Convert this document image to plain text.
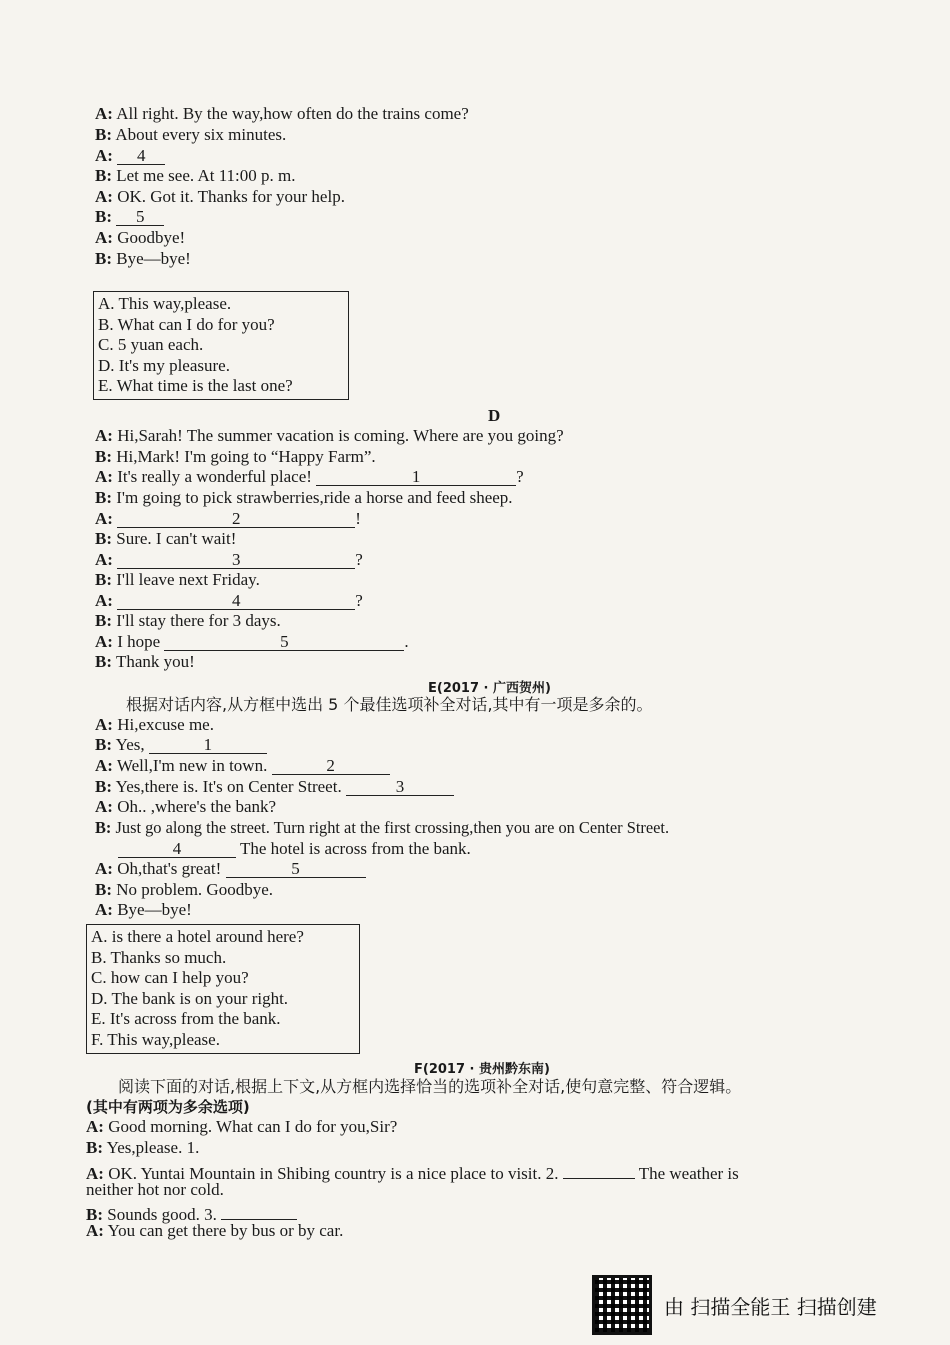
A: All right. By the way,how often do the trains come?
B: About every six minutes.
A: 4
B: Let me see. At 11:00 p. m.
A: OK. Got it. Thanks for your help.
B: 5
A: Goodbye!
B: Bye—bye!
A. This way,please.
B. What can I do for you?
C. 5 yuan each.
D. It's my pleasure.
E. What time is the last one?
D
A: Hi,Sarah! The summer vacation is coming. Where are you going?
B: Hi,Mark! I'm going to “Happy Farm”.
A: It's really a wonderful place!	1	?
B: I'm going to pick strawberries,ride a horse and feed sheep.
A:	2	!
B: Sure. I can't wait!
A:	3	?
B: I'll leave next Friday.
A:	4	?
B: I'll stay there for 3 days.
A: I hope	5	.
B: Thank you!
E(2017 · 广西贺州)
根据对话内容,从方框中选出 5 个最佳选项补全对话,其中有一项是多余的。
A: Hi,excuse me.
B: Yes,	1
A: Well,I'm new in town.	2
B: Yes,there is. It's on Center Street.	3
A: Oh.. ,where's the bank?
B: Just go along the street. Turn right at the first crossing,then you are on Center Street.
4	The hotel is across from the bank.
A: Oh,that's great!	5
B: No problem. Goodbye.
A: Bye—bye!
A. is there a hotel around here?
B. Thanks so much.
C. how can I help you?
D. The bank is on your right.
E. It's across from the bank.
F. This way,please.
F(2017 · 贵州黔东南)
阅读下面的对话,根据上下文,从方框内选择恰当的选项补全对话,使句意完整、符合逻辑。
(其中有两项为多余选项)
A: Good morning. What can I do for you,Sir?
B: Yes,please. 1.
A: OK. Yuntai Mountain in Shibing country is a nice place to visit. 2.	The weather is
neither hot nor cold.
B: Sounds good. 3.
A: You can get there by bus or by car.
由 扫描全能王 扫描创建
